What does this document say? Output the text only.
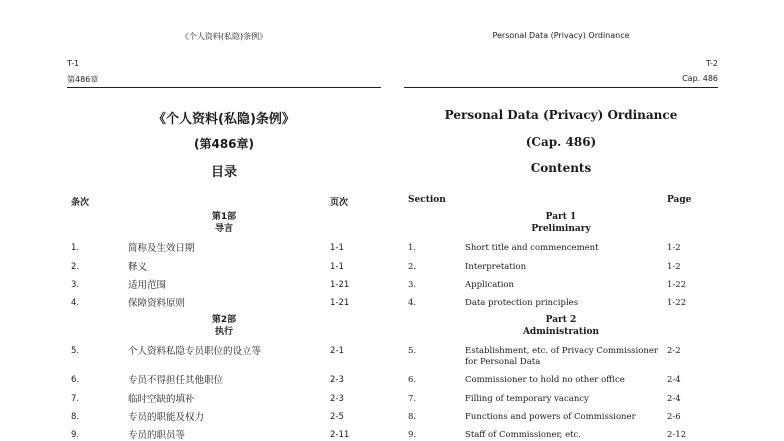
《个人资料(私隐)条例》
T-1
第486章
《个人资料(私隐)条例》
(第486章)
目录
条次	页次
第1部
导言
1.	简称及生效日期	1-1
2.	释义	1-1
3.	适用范围	1-21
4.	保障资料原则	1-21
第2部
执行
5.	个人资料私隐专员职位的设立等	2-1
6.	专员不得担任其他职位	2-3
7.	临时空缺的填补	2-3
8.	专员的职能及权力	2-5
9.	专员的职员等	2-11
Personal Data (Privacy) Ordinance
T-2
Cap. 486
Personal Data (Privacy) Ordinance
(Cap. 486)
Contents
Section	Page
Part 1
Preliminary
1.	Short title and commencement	1-2
2.	Interpretation	1-2
3.	Application	1-22
4.	Data protection principles	1-22
Part 2
Administration
5.	Establishment, etc. of Privacy Commissioner for Personal Data
2-2
6.	Commissioner to hold no other office	2-4
7.	Filling of temporary vacancy	2-4
8.	Functions and powers of Commissioner	2-6
9.	Staff of Commissioner, etc.	2-12
